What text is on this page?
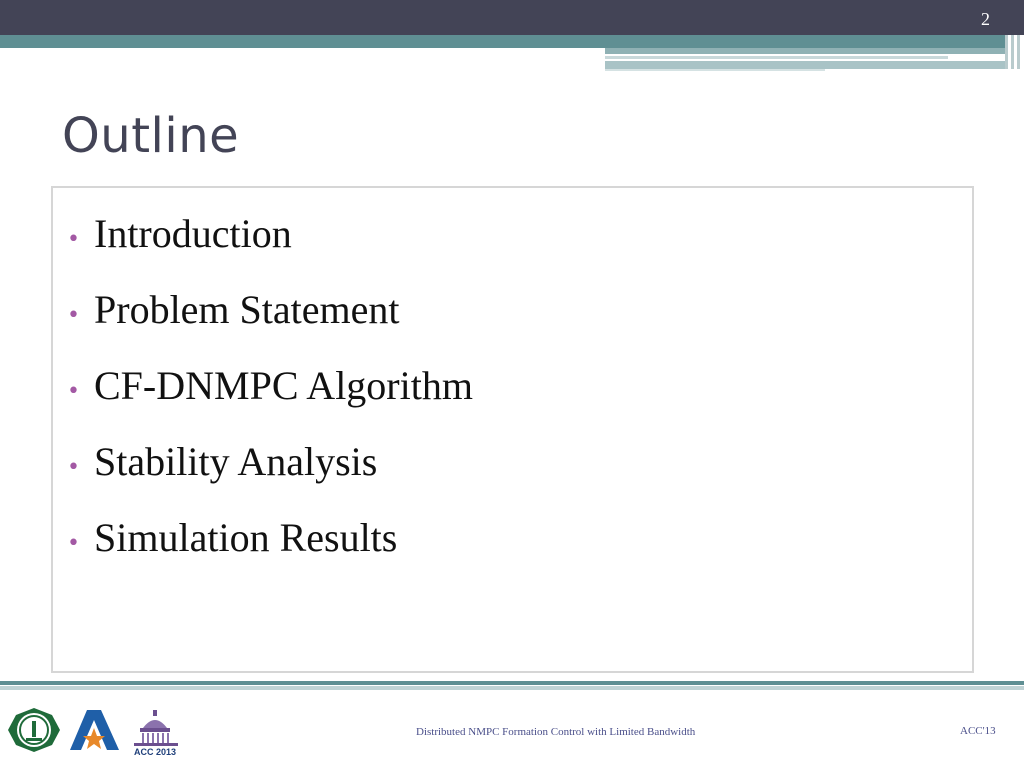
2
Outline
• Introduction
• Problem Statement
• CF-DNMPC Algorithm
• Stability Analysis
• Simulation Results
ACC 2013
Distributed NMPC Formation Control with Limited Bandwidth	ACC'13
